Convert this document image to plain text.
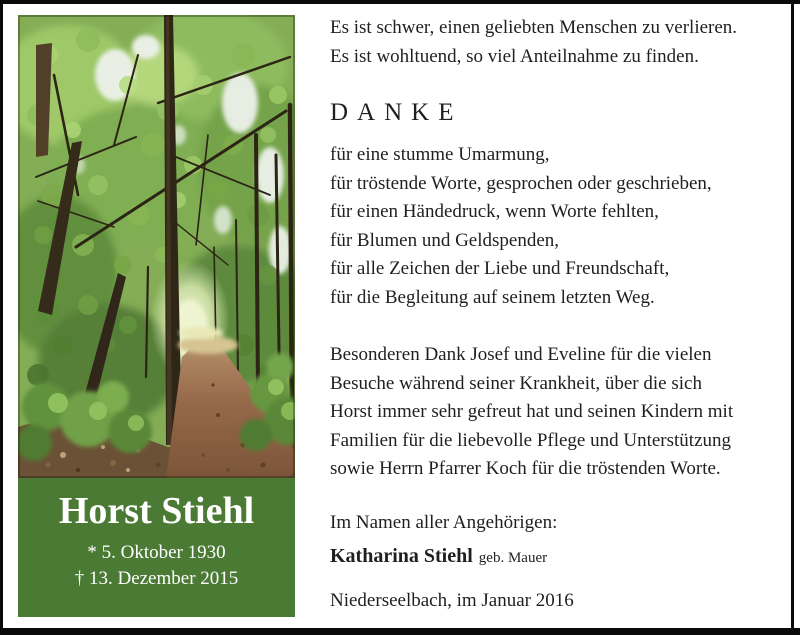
Horst Stiehl
* 5. Oktober 1930
† 13. Dezember 2015
Es ist schwer, einen geliebten Menschen zu verlieren.
Es ist wohltuend, so viel Anteilnahme zu finden.
DANKE
für eine stumme Umarmung,
für tröstende Worte, gesprochen oder geschrieben,
für einen Händedruck, wenn Worte fehlten,
für Blumen und Geldspenden,
für alle Zeichen der Liebe und Freundschaft,
für die Begleitung auf seinem letzten Weg.
Besonderen Dank Josef und Eveline für die vielen
Besuche während seiner Krankheit, über die sich
Horst immer sehr gefreut hat und seinen Kindern mit
Familien für die liebevolle Pflege und Unterstützung
sowie Herrn Pfarrer Koch für die tröstenden Worte.
Im Namen aller Angehörigen:
Katharina Stiehl geb. Mauer
Niederseelbach, im Januar 2016
